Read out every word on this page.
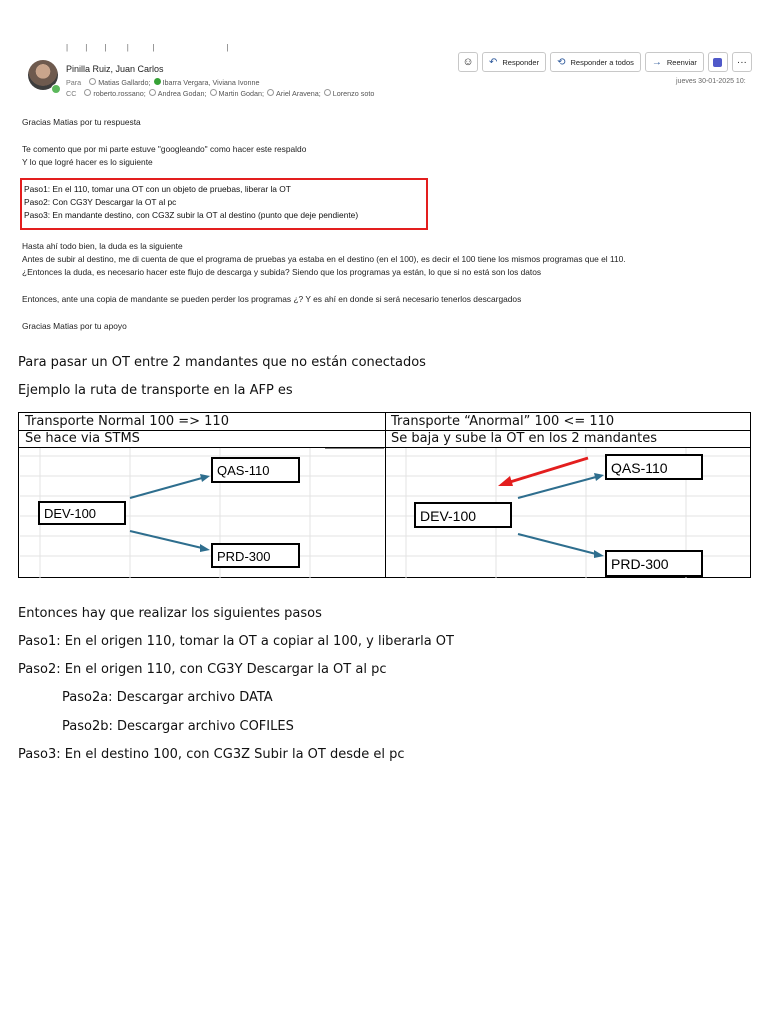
|     |     |      |       |                      |
Pinilla Ruiz, Juan Carlos
Para Matias Gallardo; Ibarra Vergara, Viviana Ivonne
CC roberto.rossano; Andrea Godan; Martin Godan; Ariel Aravena; Lorenzo soto
☺ ↶ Responder ⟲ Responder a todos → Reenviar	···
jueves 30-01-2025 10:

Gracias Matias por tu respuesta

Te comento que por mi parte estuve "googleando" como hacer este respaldo

Y lo que logré hacer es lo siguiente

Paso1: En el 110, tomar una OT con un objeto de pruebas, liberar la OT

Paso2: Con CG3Y Descargar la OT al pc

Paso3: En mandante destino, con CG3Z subir la OT al destino (punto que deje pendiente)

Hasta ahí todo bien, la duda es la siguiente

Antes de subir al destino, me di cuenta de que el programa de pruebas ya estaba en el destino (en el 100), es decir el 100 tiene los mismos programas que el 110.

¿Entonces la duda, es necesario hacer este flujo de descarga y subida? Siendo que los programas ya están, lo que si no está son los datos

Entonces, ante una copia de mandante se pueden perder los programas ¿? Y es ahí en donde si será necesario tenerlos descargados

Gracias Matias por tu apoyo

Para pasar un OT entre 2 mandantes que no están conectados
Ejemplo la ruta de transporte en la AFP es
Transporte Normal 100 => 110	Transporte “Anormal” 100 <= 110
Se hace via STMS	Se baja y sube la OT en los 2 mandantes
DEV-100
QAS-110
PRD-300
DEV-100
QAS-110
PRD-300
Entonces hay que realizar los siguientes pasos
Paso1: En el origen 110, tomar la OT a copiar al 100, y liberarla OT
Paso2: En el origen 110, con CG3Y Descargar la OT al pc
Paso2a: Descargar archivo DATA
Paso2b: Descargar archivo COFILES
Paso3: En el destino 100, con CG3Z Subir la OT desde el pc
